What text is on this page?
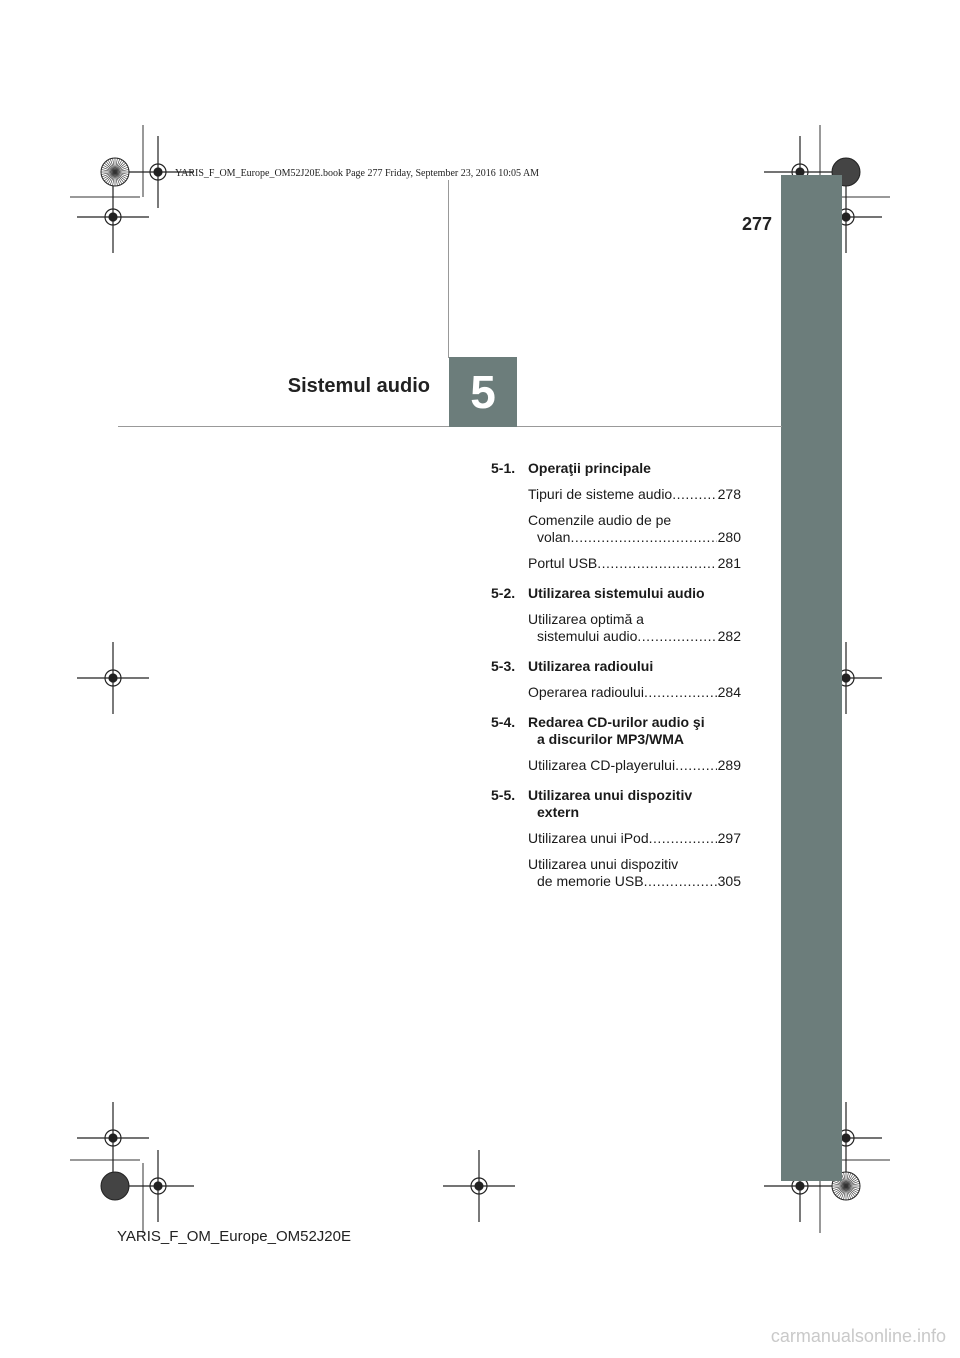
5
Sistemul audio
277
YARIS_F_OM_Europe_OM52J20E.book Page 277 Friday, September 23, 2016 10:05 AM
5-1. Operaţii principale
Tipuri de sisteme audio .....	278
Comenzile audio de pe
volan .....	280
Portul USB .....	281
5-2. Utilizarea sistemului audio
Utilizarea optimă a
sistemului audio .....	282
5-3. Utilizarea radioului
Operarea radioului .....	284
5-4. Redarea CD-urilor audio şi
a discurilor MP3/WMA
Utilizarea CD-playerului .....	289
5-5. Utilizarea unui dispozitiv
extern
Utilizarea unui iPod .....	297
Utilizarea unui dispozitiv
de memorie USB .....	305
YARIS_F_OM_Europe_OM52J20E
carmanualsonline.info
